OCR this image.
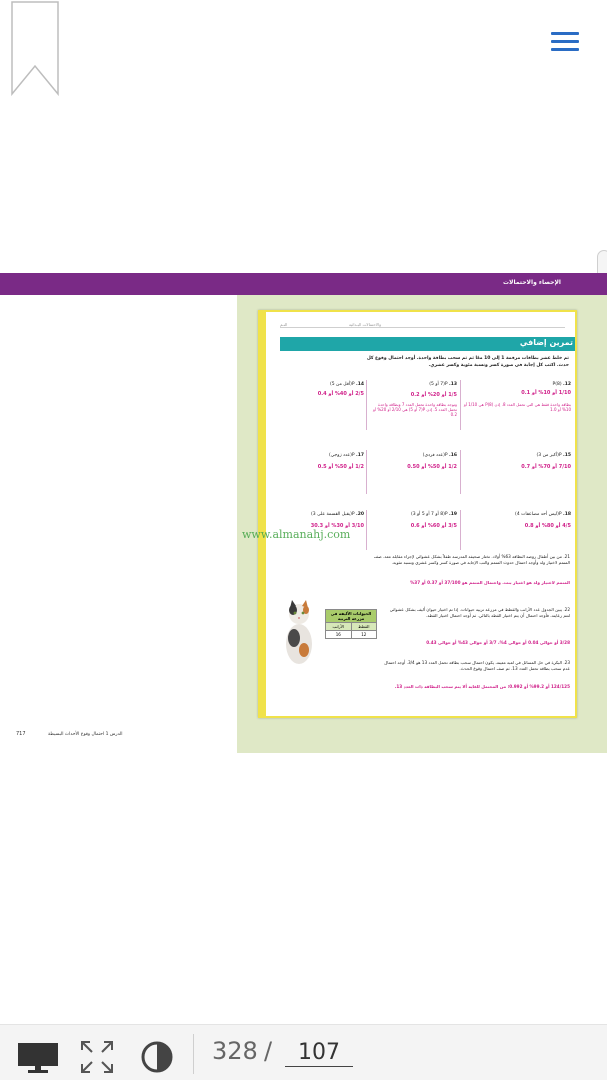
الإحصاء والاحتمالات
النـم	والاحتمالات البـدائية
تمرين إضافي
تم خلط عشر بطاقات مرقمة 1 إلى 10 معًا ثم تم سحب بطاقة واحدة. أوجد احتمال وقوع كل
حدث. اكتب كل إجابة في صورة كسر ونسبة مئوية وكسر عشري.
12. P(8)
1/10 أو 10% أو 0.1
بطاقة واحدة فقط هي التي تحمل العدد 8. إذن P(8) هي 1/10 أو 10% أو 1.0
13. P(7 أو 5)
1/5 أو 20% أو 0.2
وتوجد بطاقة واحدة تحمل العدد 7 وبطاقة واحدة تحمل العدد 5. إذن P(7 أو 5) هي 2/10 أو 20% أو 0.2
14. P(أقل من 5)
2/5 أو 40% أو 0.4
15. P(أكبر من 3)
7/10 أو 70% أو 0.7
16. P(عدد فردي)
1/2 أو 50% أو 0.50
17. P(عدد زوجي)
1/2 أو 50% أو 0.5
18. P(ليس أحد مضاعفات 4)
4/5 أو 80% أو 0.8
19. P(8 أو 7 أو 5 أو 3)
3/5 أو 60% أو 0.6
20. P(يقبل القسمة على 3)
3/10 أو 30% أو 30.3
www.almanahj.com
21. من بين أطفال روضة النظافة 63% أولاد. تختار صحيفة المدرسة طفلاً بشكل عشوائي لإجراء مقابلة معه. صف المتمم لاختيار ولد وأوجد احتمال حدوث المتمم والتب الإجابة في صورة كسر وكسر عشري ونسبة مئوية.
المتمم لاختيار ولد هو اختيار بنت. واحتمال المتمم هو 37/100 أو 0.37 أو 37%
الحيوانات الأليفة في مزرعة التربية	
الأرانب	القطط
16	12
22. يبين الجدول عدد الأرانب والقطط في مزرعة تربية حيوانات. إذا تم اختيار حيوان أليف بشكل عشوائي لتتم رعايته، فأوجد احتمال أن يتم اختيار القطة بالتالي. ثم أوجد احتمال اختيار القطة.
3/28 أو حوالي 0.04 أو حوالي 4%، 3/7 أو حوالي 43% أو حوالي 0.43
23. البكرة في حل المسائل في لعبة معينة، يكون احتمال سحب بطاقة تحمل العدد 13 هو 3/4. أوجد احتمال عدم سحب بطاقة تحمل العدد 13. ثم صف احتمال وقوع الحدث.
124/125 أو 99.2% أو 0.992؛ من المحتمل للغاية ألا يتم سحب البطاقة ذات العدد 13.
717	الدرس 1 احتمال وقوع الأحداث البسيطة
328 /
107
